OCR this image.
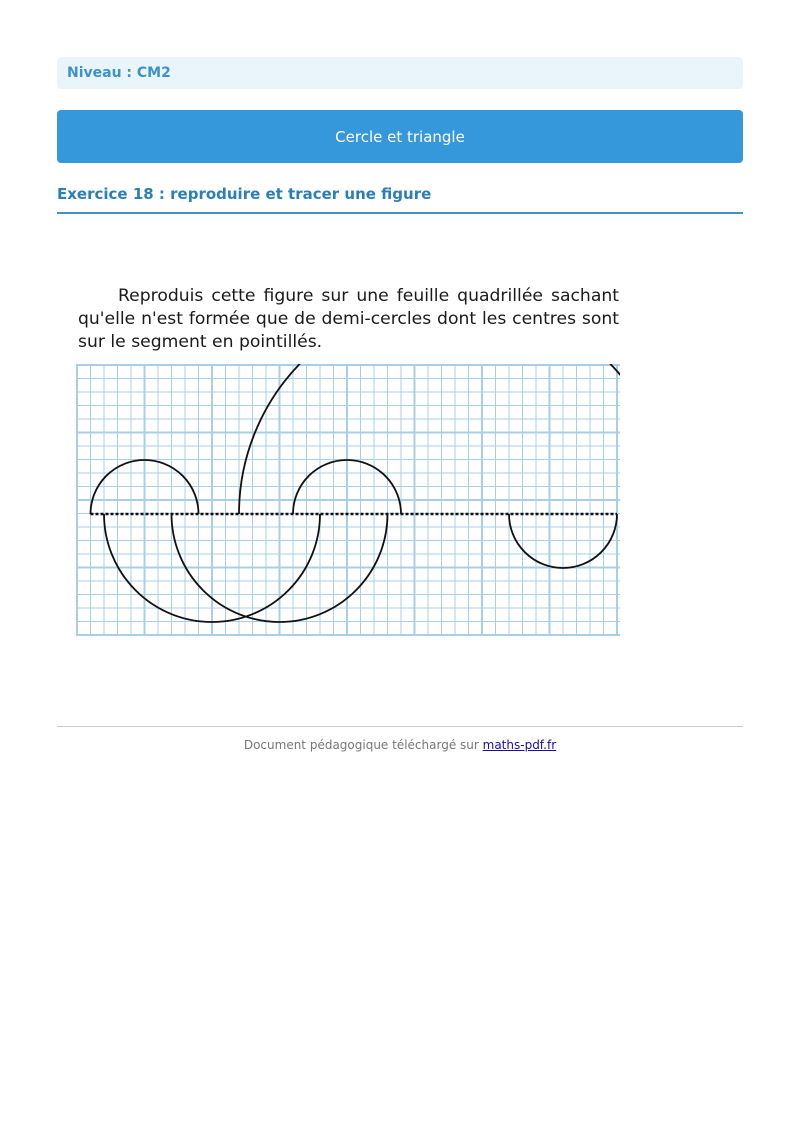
Niveau : CM2
Cercle et triangle
Exercice 18 : reproduire et tracer une figure
Reproduis cette figure sur une feuille quadrillée sachant qu'elle n'est formée que de demi-cercles dont les centres sont sur le segment en pointillés.
Document pédagogique téléchargé sur maths-pdf.fr
